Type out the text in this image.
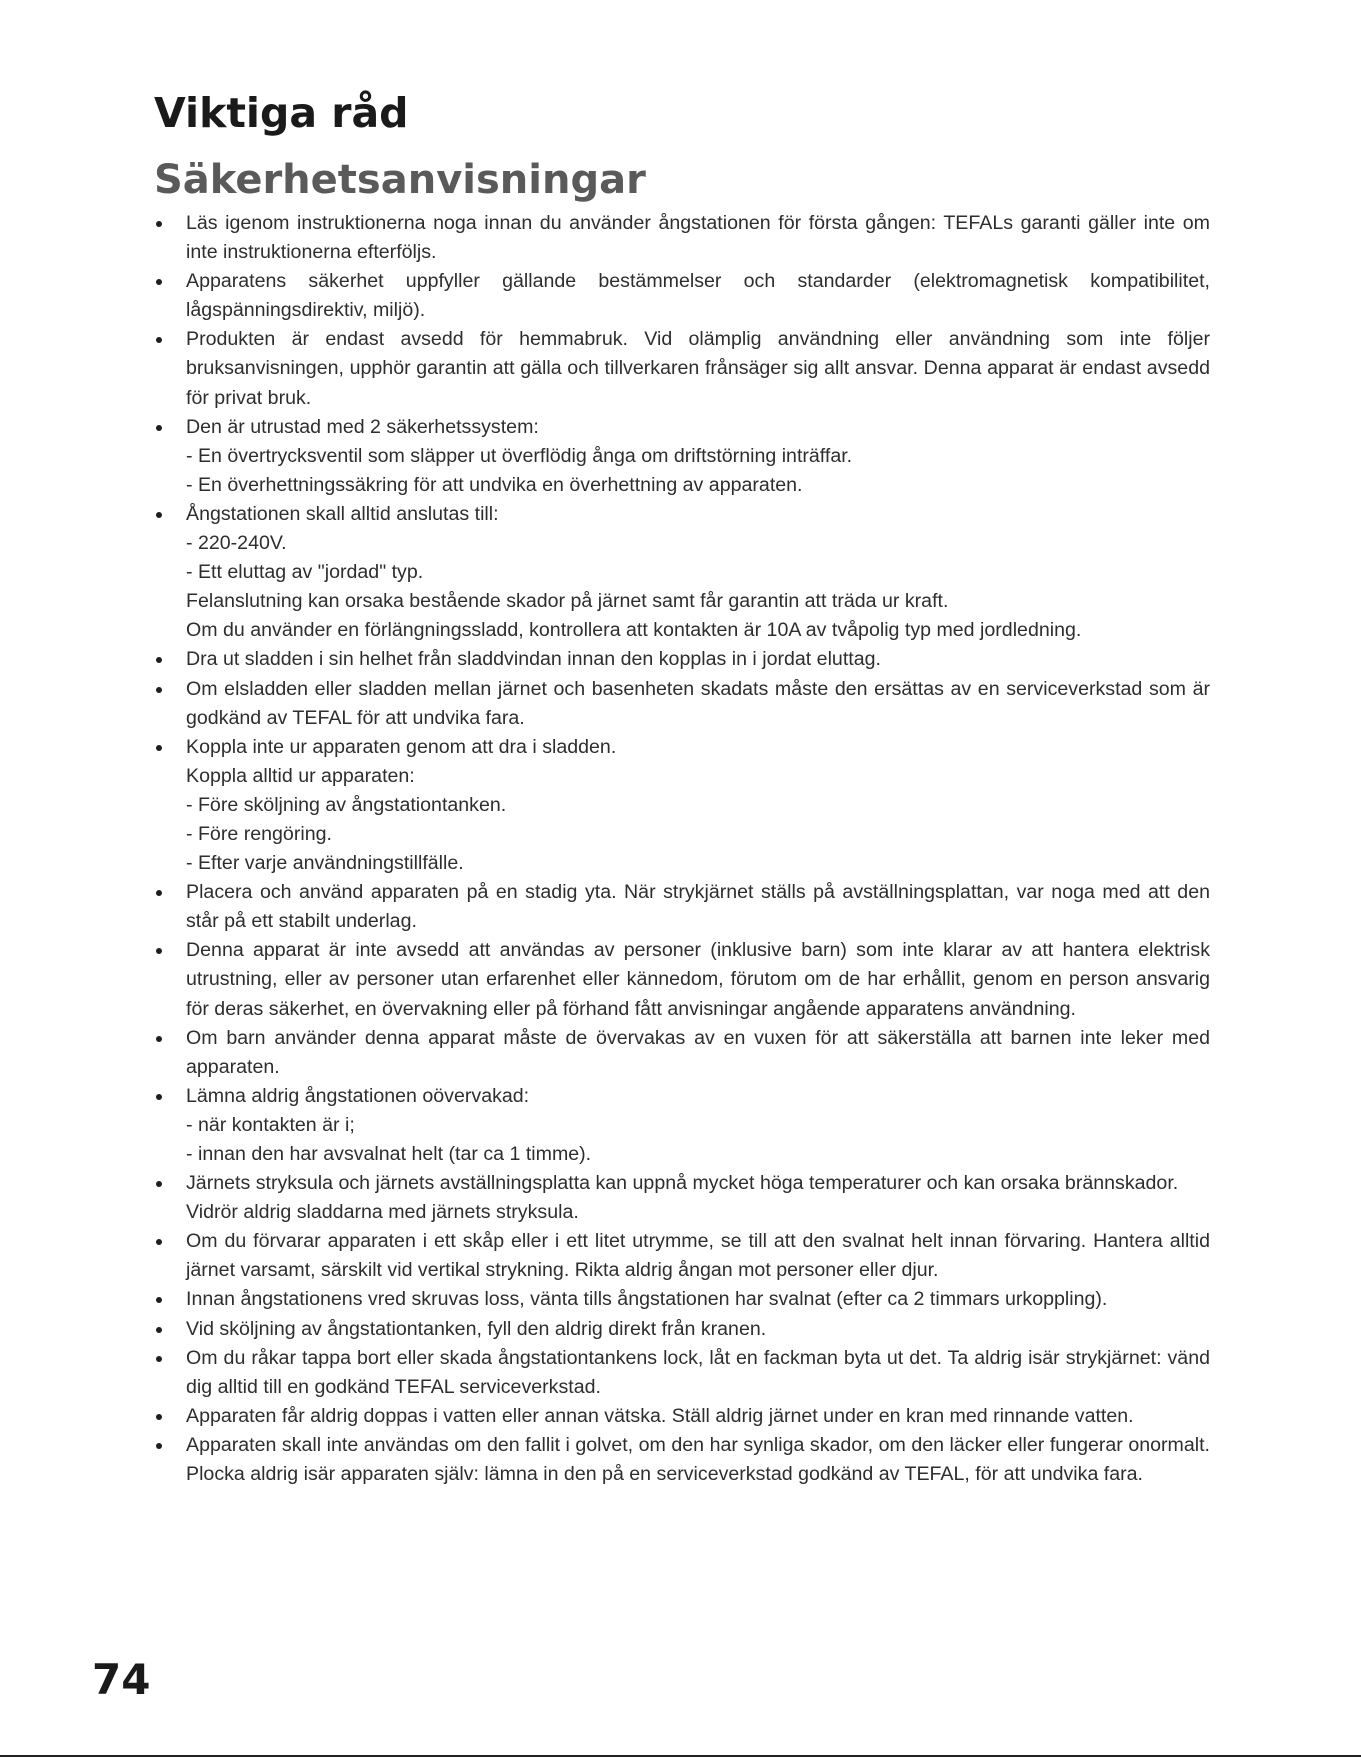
Viktiga råd
Säkerhetsanvisningar
Läs igenom instruktionerna noga innan du använder ångstationen för första gången: TEFALs garanti gäller inte om inte instruktionerna efterföljs.
Apparatens säkerhet uppfyller gällande bestämmelser och standarder (elektromagnetisk kompatibilitet, lågspänningsdirektiv, miljö).
Produkten är endast avsedd för hemmabruk. Vid olämplig användning eller användning som inte följer bruksanvisningen, upphör garantin att gälla och tillverkaren frånsäger sig allt ansvar. Denna apparat är endast avsedd för privat bruk.
Den är utrustad med 2 säkerhetssystem:
- En övertrycksventil som släpper ut överflödig ånga om driftstörning inträffar.
- En överhettningssäkring för att undvika en överhettning av apparaten.
Ångstationen skall alltid anslutas till:
- 220-240V.
- Ett eluttag av "jordad" typ.
Felanslutning kan orsaka bestående skador på järnet samt får garantin att träda ur kraft.
Om du använder en förlängningssladd, kontrollera att kontakten är 10A av tvåpolig typ med jordledning.
Dra ut sladden i sin helhet från sladdvindan innan den kopplas in i jordat eluttag.
Om elsladden eller sladden mellan järnet och basenheten skadats måste den ersättas av en serviceverkstad som är godkänd av TEFAL för att undvika fara.
Koppla inte ur apparaten genom att dra i sladden.
Koppla alltid ur apparaten:
- Före sköljning av ångstationtanken.
- Före rengöring.
- Efter varje användningstillfälle.
Placera och använd apparaten på en stadig yta. När strykjärnet ställs på avställningsplattan, var noga med att den står på ett stabilt underlag.
Denna apparat är inte avsedd att användas av personer (inklusive barn) som inte klarar av att hantera elektrisk utrustning, eller av personer utan erfarenhet eller kännedom, förutom om de har erhållit, genom en person ansvarig för deras säkerhet, en övervakning eller på förhand fått anvisningar angående apparatens användning.
Om barn använder denna apparat måste de övervakas av en vuxen för att säkerställa att barnen inte leker med apparaten.
Lämna aldrig ångstationen oövervakad:
- när kontakten är i;
- innan den har avsvalnat helt (tar ca 1 timme).
Järnets stryksula och järnets avställningsplatta kan uppnå mycket höga temperaturer och kan orsaka brännskador.
Vidrör aldrig sladdarna med järnets stryksula.
Om du förvarar apparaten i ett skåp eller i ett litet utrymme, se till att den svalnat helt innan förvaring. Hantera alltid järnet varsamt, särskilt vid vertikal strykning. Rikta aldrig ångan mot personer eller djur.
Innan ångstationens vred skruvas loss, vänta tills ångstationen har svalnat (efter ca 2 timmars urkoppling).
Vid sköljning av ångstationtanken, fyll den aldrig direkt från kranen.
Om du råkar tappa bort eller skada ångstationtankens lock, låt en fackman byta ut det. Ta aldrig isär strykjärnet: vänd dig alltid till en godkänd TEFAL serviceverkstad.
Apparaten får aldrig doppas i vatten eller annan vätska. Ställ aldrig järnet under en kran med rinnande vatten.
Apparaten skall inte användas om den fallit i golvet, om den har synliga skador, om den läcker eller fungerar onormalt. Plocka aldrig isär apparaten själv: lämna in den på en serviceverkstad godkänd av TEFAL, för att undvika fara.
74
